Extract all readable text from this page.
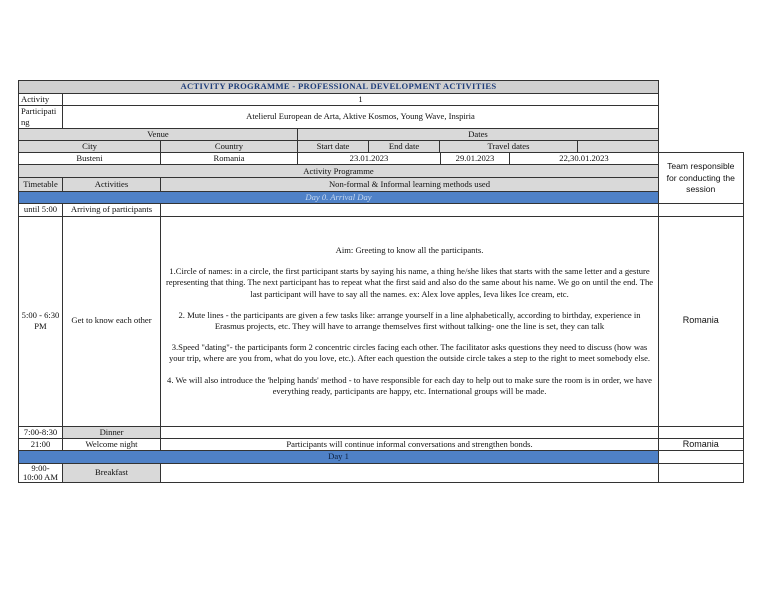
ACTIVITY PROGRAMME - PROFESSIONAL DEVELOPMENT ACTIVITIES					
Activity	1				
Participating	Atelierul European de Arta, Aktive Kosmos, Young Wave, Inspiria				
Venue			Dates		
City		Country	Start date End date Travel dates		

Busteni		Romania	23.01.2023 29.01.2023 22,30.01.2023		Team responsible for conducting the session
Activity Programme					
Timetable	Activities	Non-formal & Informal learning methods used			
Day 0. Arrival Day					
until 5:00	Arriving of participants				
5:00 - 6:30 PM	Get to know each other	Aim: Greeting to know all the participants.

1.Circle of names: in a circle, the first participant starts by saying his name, a thing he/she likes that starts with the same letter and a gesture representing that thing. The next participant has to repeat what the first said and also do the same about his name. We go on until the end. The last participant will have to say all the names. ex: Alex love apples, Ieva likes Ice cream, etc.

2. Mute lines - the participants are given a few tasks like: arrange yourself in a line alphabetically, according to birthday, experience in Erasmus projects, etc. They will have to arrange themselves first without talking- one the line is set, they can talk

3.Speed "dating"- the participants form 2 concentric circles facing each other. The facilitator asks questions they need to discuss (how was your trip, where are you from, what do you love, etc.). After each question the outside circle takes a step to the right to meet somebody else.

4. We will also introduce the 'helping hands' method - to have responsible for each day to help out to make sure the room is in order, we have everything ready, participants are happy, etc. International groups will be made.			Romania
7:00-8:30	Dinner				
21:00	Welcome night	Participants will continue informal conversations and strengthen bonds.			Romania
Day 1					
9:00- 10:00 AM	Breakfast				
